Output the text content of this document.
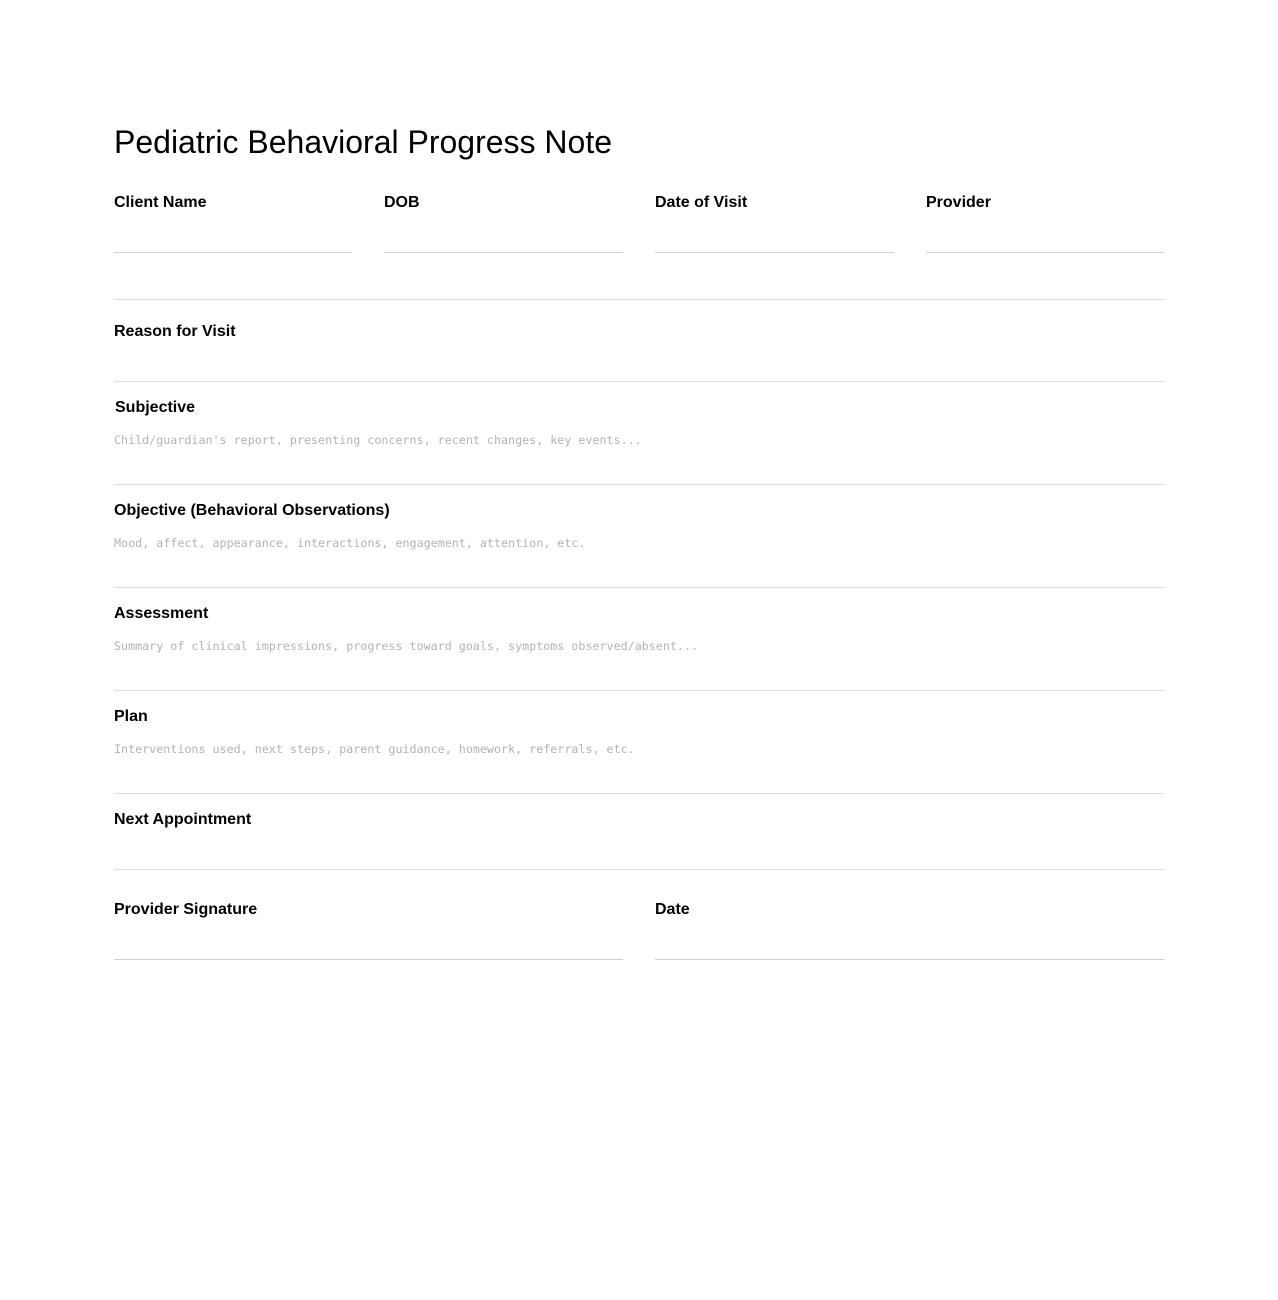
Pediatric Behavioral Progress Note
Client Name	DOB	Date of Visit	Provider
Reason for Visit
Subjective
Child/guardian's report, presenting concerns, recent changes, key events...
Objective (Behavioral Observations)
Mood, affect, appearance, interactions, engagement, attention, etc.
Assessment
Summary of clinical impressions, progress toward goals, symptoms observed/absent...
Plan
Interventions used, next steps, parent guidance, homework, referrals, etc.
Next Appointment
Provider Signature	Date
